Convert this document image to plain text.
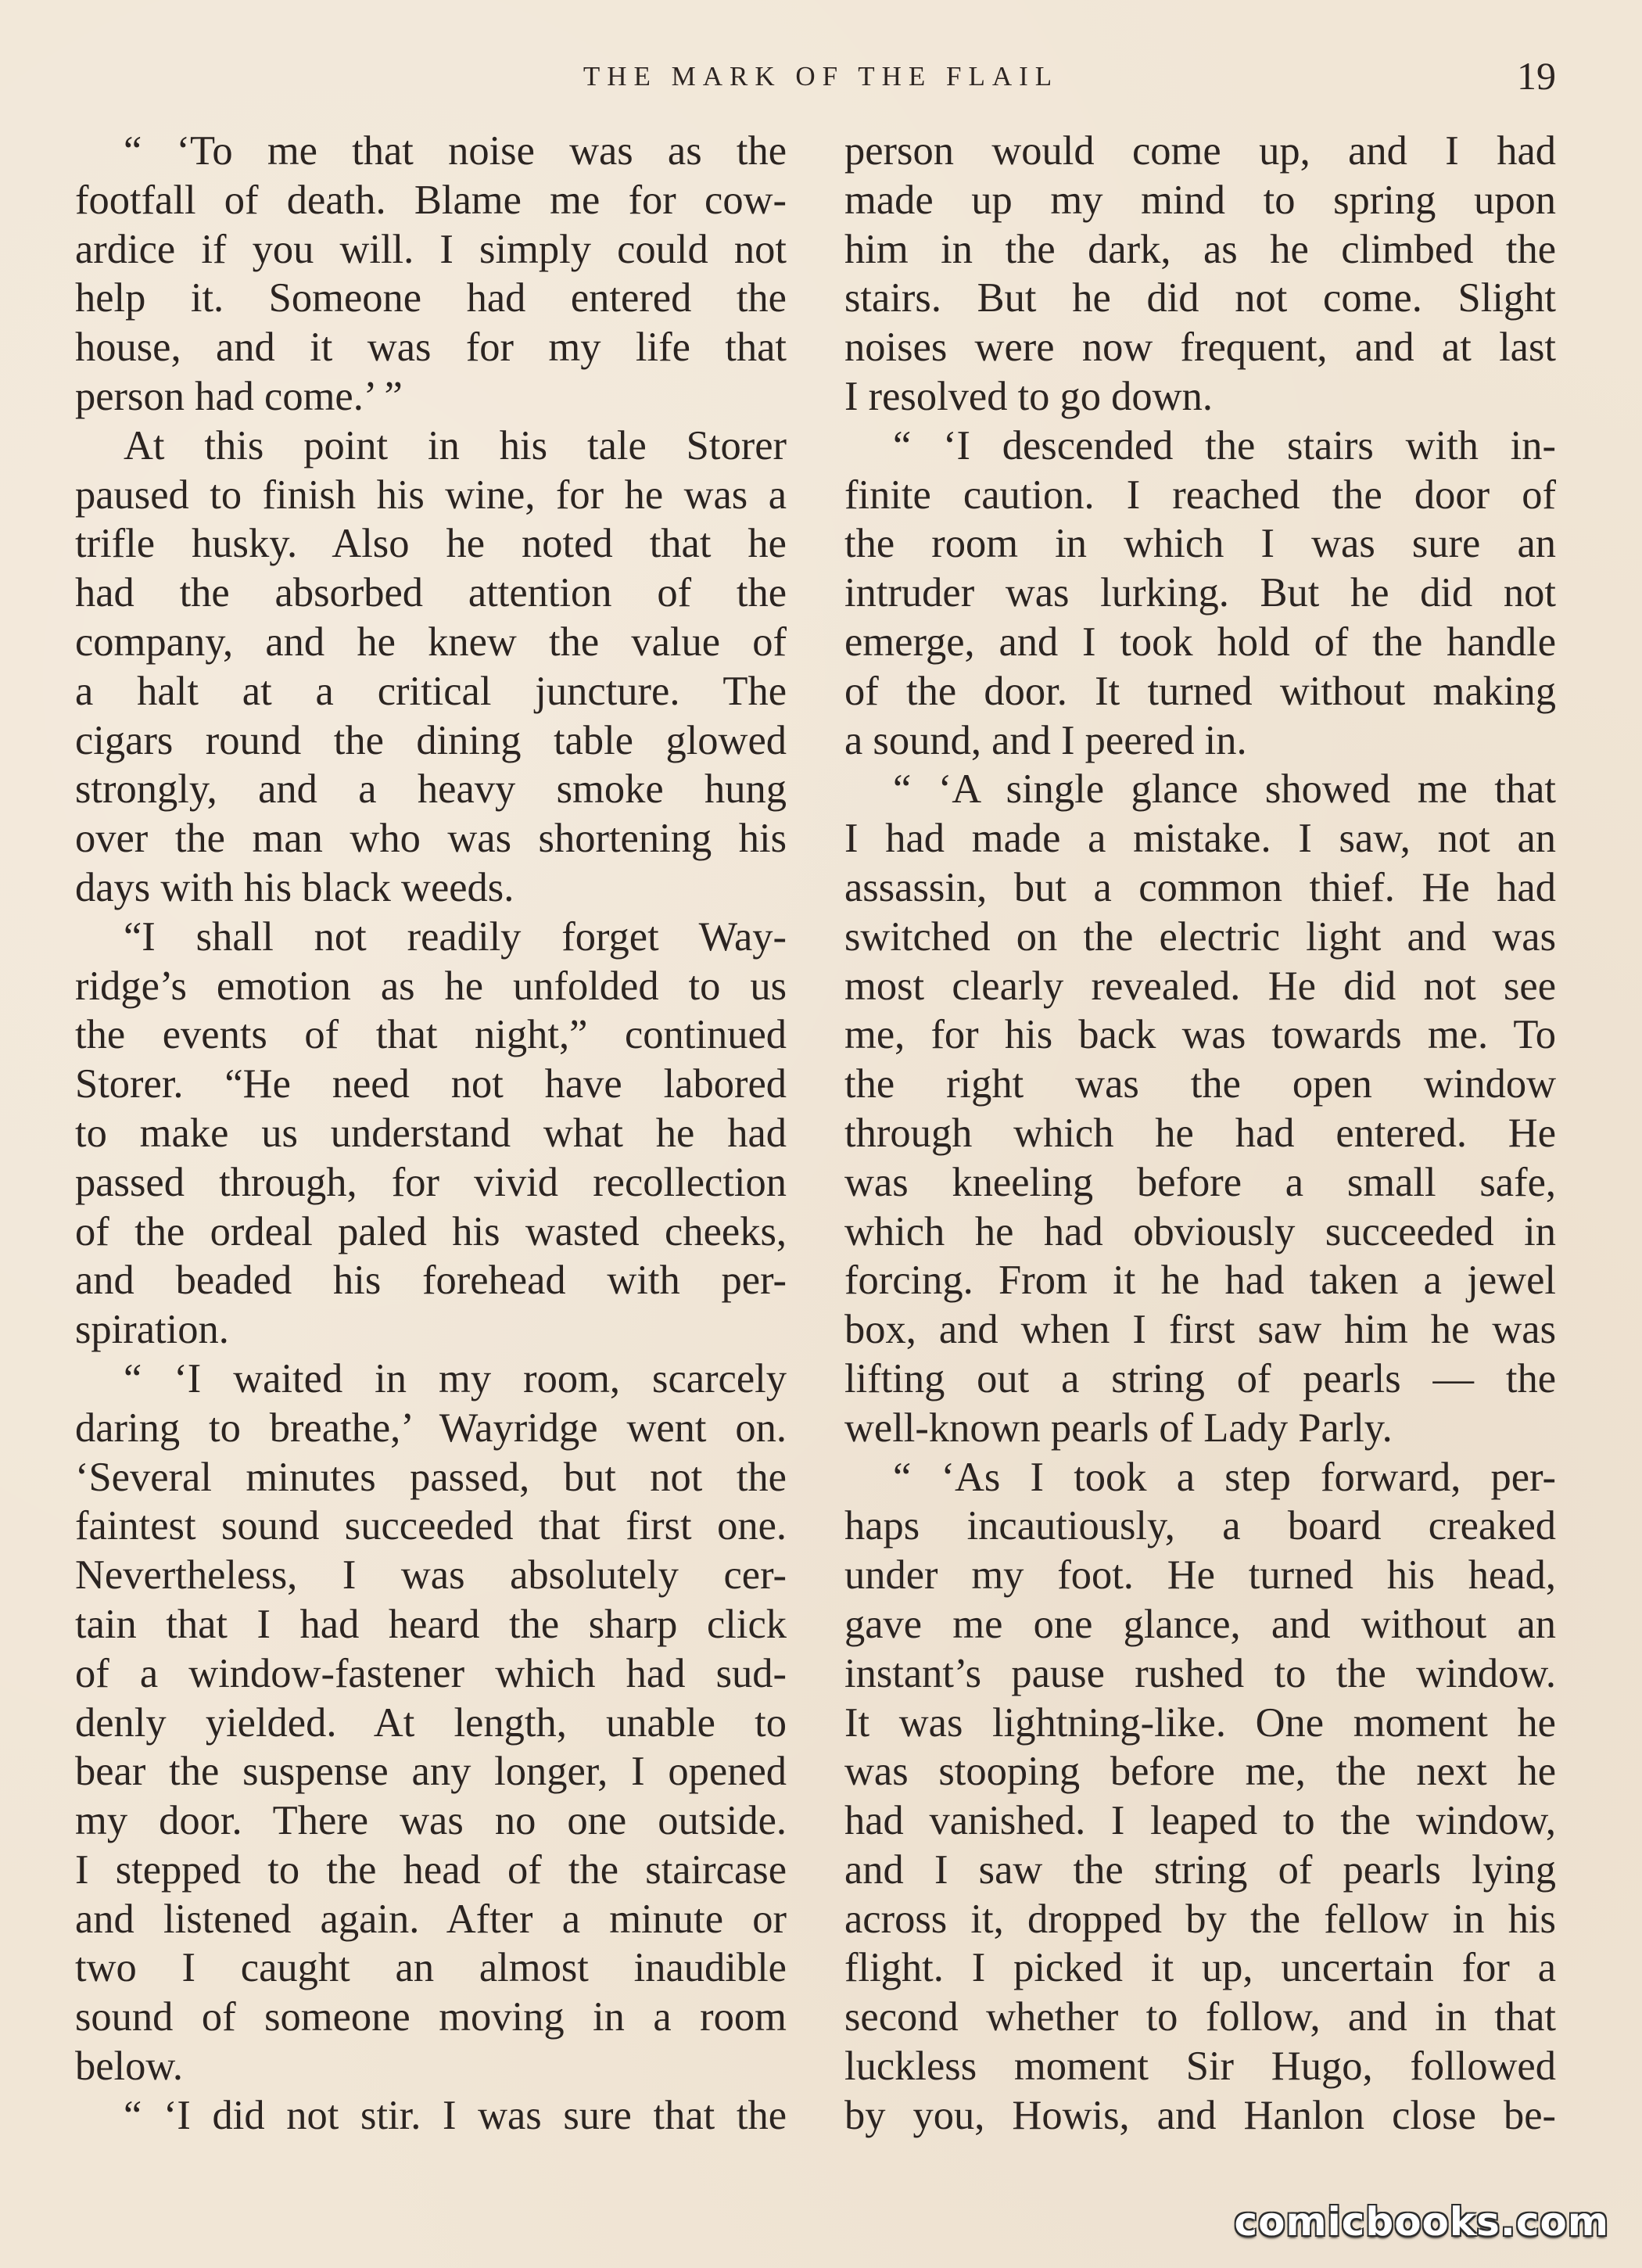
THE MARK OF THE FLAIL	19
“ ‘To me that noise was as the
footfall of death. Blame me for cow-
ardice if you will. I simply could not
help it. Someone had entered the
house, and it was for my life that
person had come.’ ”
At this point in his tale Storer
paused to finish his wine, for he was a
trifle husky. Also he noted that he
had the absorbed attention of the
company, and he knew the value of
a halt at a critical juncture. The
cigars round the dining table glowed
strongly, and a heavy smoke hung
over the man who was shortening his
days with his black weeds.
“I shall not readily forget Way-
ridge’s emotion as he unfolded to us
the events of that night,” continued
Storer. “He need not have labored
to make us understand what he had
passed through, for vivid recollection
of the ordeal paled his wasted cheeks,
and beaded his forehead with per-
spiration.
“ ‘I waited in my room, scarcely
daring to breathe,’ Wayridge went on.
‘Several minutes passed, but not the
faintest sound succeeded that first one.
Nevertheless, I was absolutely cer-
tain that I had heard the sharp click
of a window-fastener which had sud-
denly yielded. At length, unable to
bear the suspense any longer, I opened
my door. There was no one outside.
I stepped to the head of the staircase
and listened again. After a minute or
two I caught an almost inaudible
sound of someone moving in a room
below.
“ ‘I did not stir. I was sure that the
person would come up, and I had
made up my mind to spring upon
him in the dark, as he climbed the
stairs. But he did not come. Slight
noises were now frequent, and at last
I resolved to go down.
“ ‘I descended the stairs with in-
finite caution. I reached the door of
the room in which I was sure an
intruder was lurking. But he did not
emerge, and I took hold of the handle
of the door. It turned without making
a sound, and I peered in.
“ ‘A single glance showed me that
I had made a mistake. I saw, not an
assassin, but a common thief. He had
switched on the electric light and was
most clearly revealed. He did not see
me, for his back was towards me. To
the right was the open window
through which he had entered. He
was kneeling before a small safe,
which he had obviously succeeded in
forcing. From it he had taken a jewel
box, and when I first saw him he was
lifting out a string of pearls — the
well-known pearls of Lady Parly.
“ ‘As I took a step forward, per-
haps incautiously, a board creaked
under my foot. He turned his head,
gave me one glance, and without an
instant’s pause rushed to the window.
It was lightning-like. One moment he
was stooping before me, the next he
had vanished. I leaped to the window,
and I saw the string of pearls lying
across it, dropped by the fellow in his
flight. I picked it up, uncertain for a
second whether to follow, and in that
luckless moment Sir Hugo, followed
by you, Howis, and Hanlon close be-
comicbooks.com
